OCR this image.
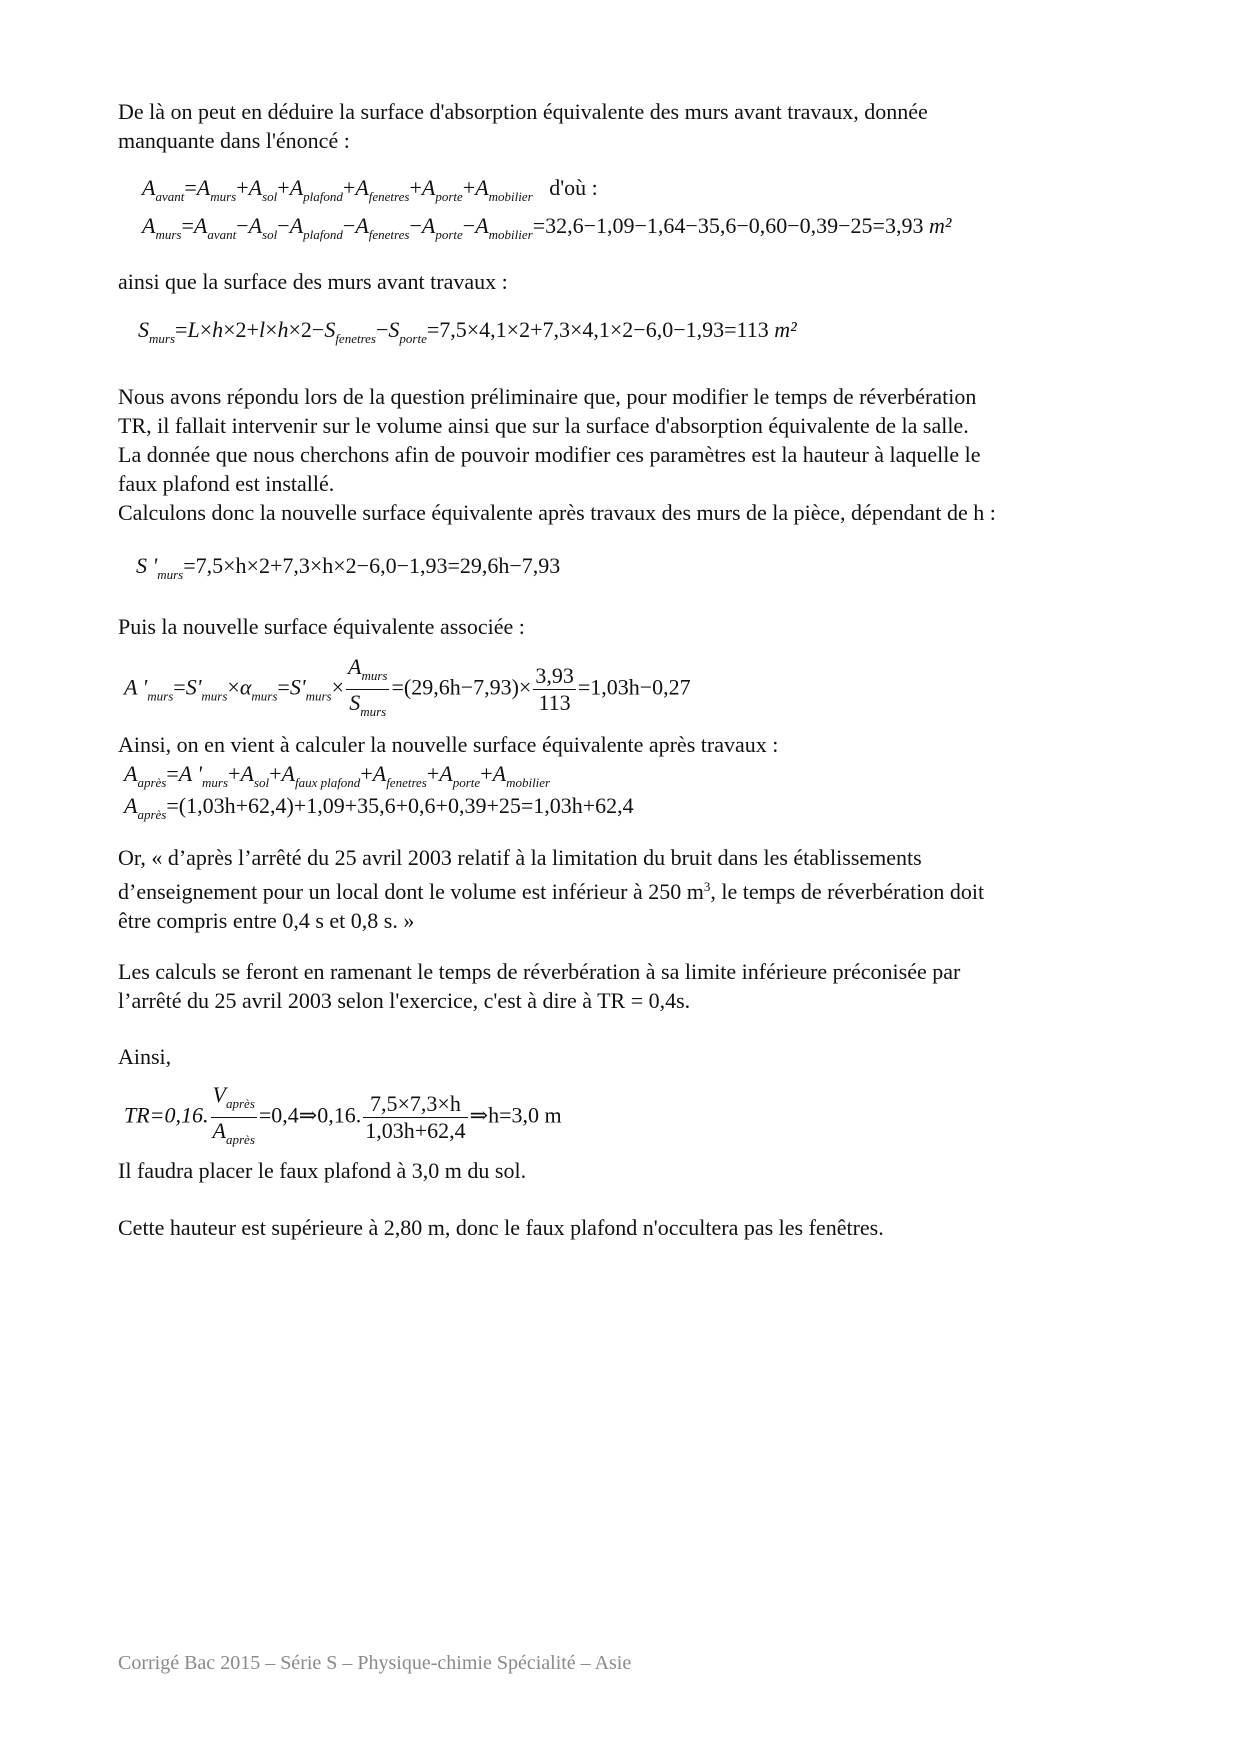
De là on peut en déduire la surface d'absorption équivalente des murs avant travaux, donnée
manquante dans l'énoncé :

$A_{avant}=A_{murs}+A_{sol}+A_{plafond}+A_{fenetres}+A_{porte}+A_{mobilier}$ d'où :
$A_{murs}=A_{avant}-A_{sol}-A_{plafond}-A_{fenetres}-A_{porte}-A_{mobilier}=32,6-1,09-1,64-35,6-0,60-0,39-25=3,93$ m²

ainsi que la surface des murs avant travaux :

$S_{murs}=L\times h\times 2+l\times h\times 2-S_{fenetres}-S_{porte}=7,5\times 4,1\times 2+7,3\times 4,1\times 2-6,0-1,93=113$ m²

Nous avons répondu lors de la question préliminaire que, pour modifier le temps de réverbération
TR, il fallait intervenir sur le volume ainsi que sur la surface d'absorption équivalente de la salle.
La donnée que nous cherchons afin de pouvoir modifier ces paramètres est la hauteur à laquelle le
faux plafond est installé.
Calculons donc la nouvelle surface équivalente après travaux des murs de la pièce, dépendant de h :

S '$_{murs}=7,5\times h\times 2+7,3\times h\times 2-6,0-1,93=29,6h-7,93$

Puis la nouvelle surface équivalente associée :

A '$_{murs}=S'_{murs}\times\alpha_{murs}=S'_{murs}\times \frac{A_{murs}}{S_{murs}} =(29,6h-7,93)\times \frac{3,93}{113} =1,03h-0,27$

Ainsi, on en vient à calculer la nouvelle surface équivalente après travaux :

$A_{après}=A$ '$_{murs}+A_{sol}+A_{faux plafond}+A_{fenetres}+A_{porte}+A_{mobilier}$
$A_{après}=(1,03h+62,4)+1,09+35,6+0,6+0,39+25=1,03h+62,4$

Or, « d’après l’arrêté du 25 avril 2003 relatif à la limitation du bruit dans les établissements
d’enseignement pour un local dont le volume est inférieur à 250 $m^3$, le temps de réverbération doit
être compris entre 0,4 s et 0,8 s. »

Les calculs se feront en ramenant le temps de réverbération à sa limite inférieure préconisée par
l’arrêté du 25 avril 2003 selon l'exercice, c'est à dire à TR = 0,4s.

Ainsi,

TR=0,16. $\frac{V_{après}}{A_{après}}$ =0,4⇒0,16. $\frac{7,5\times 7,3\times h}{1,03h+62,4}$ ⇒h=3,0 m

Il faudra placer le faux plafond à 3,0 m du sol.

Cette hauteur est supérieure à 2,80 m, donc le faux plafond n'occultera pas les fenêtres.

Corrigé Bac 2015 – Série S – Physique-chimie Spécialité – Asie
